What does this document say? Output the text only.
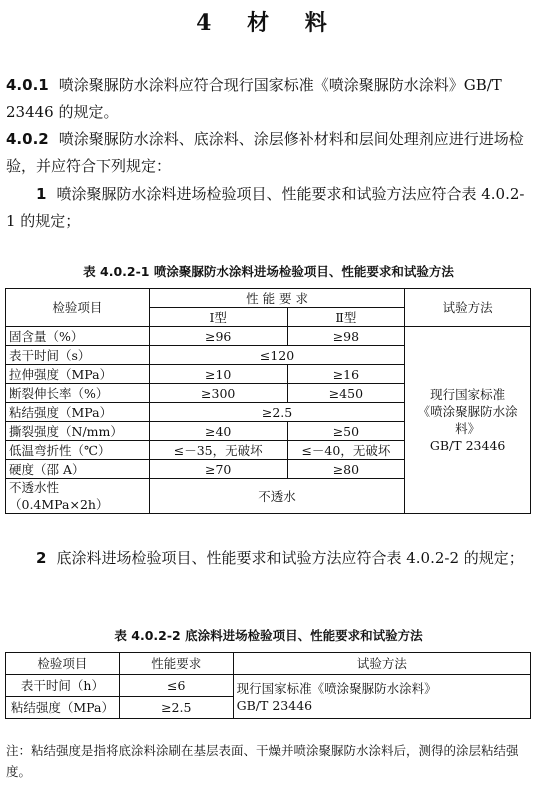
4 材 料
4.0.1 喷涂聚脲防水涂料应符合现行国家标准《喷涂聚脲防水涂料》GB/T 23446 的规定。
4.0.2 喷涂聚脲防水涂料、底涂料、涂层修补材料和层间处理剂应进行进场检验，并应符合下列规定：
1 喷涂聚脲防水涂料进场检验项目、性能要求和试验方法应符合表 4.0.2-1 的规定；
表 4.0.2-1 喷涂聚脲防水涂料进场检验项目、性能要求和试验方法
检验项目	性 能 要 求		试验方法
	Ⅰ型	Ⅱ型	
固含量（%）	≥96	≥98	现行国家标准
《喷涂聚脲防水涂料》
GB/T 23446

表干时间（s）	≤120		
拉伸强度（MPa）	≥10	≥16	
断裂伸长率（%）	≥300	≥450	
粘结强度（MPa）	≥2.5		
撕裂强度（N/mm）	≥40	≥50	
低温弯折性（℃）	≤－35，无破坏	≤－40，无破坏	
硬度（邵 A）	≥70	≥80	
不透水性（0.4MPa×2h）	不透水		
2 底涂料进场检验项目、性能要求和试验方法应符合表 4.0.2-2 的规定；
表 4.0.2-2 底涂料进场检验项目、性能要求和试验方法
检验项目	性能要求	试验方法
表干时间（h）	≤6	现行国家标准《喷涂聚脲防水涂料》
GB/T 23446

粘结强度（MPa）	≥2.5	
注：粘结强度是指将底涂料涂刷在基层表面、干燥并喷涂聚脲防水涂料后，测得的涂层粘结强度。
